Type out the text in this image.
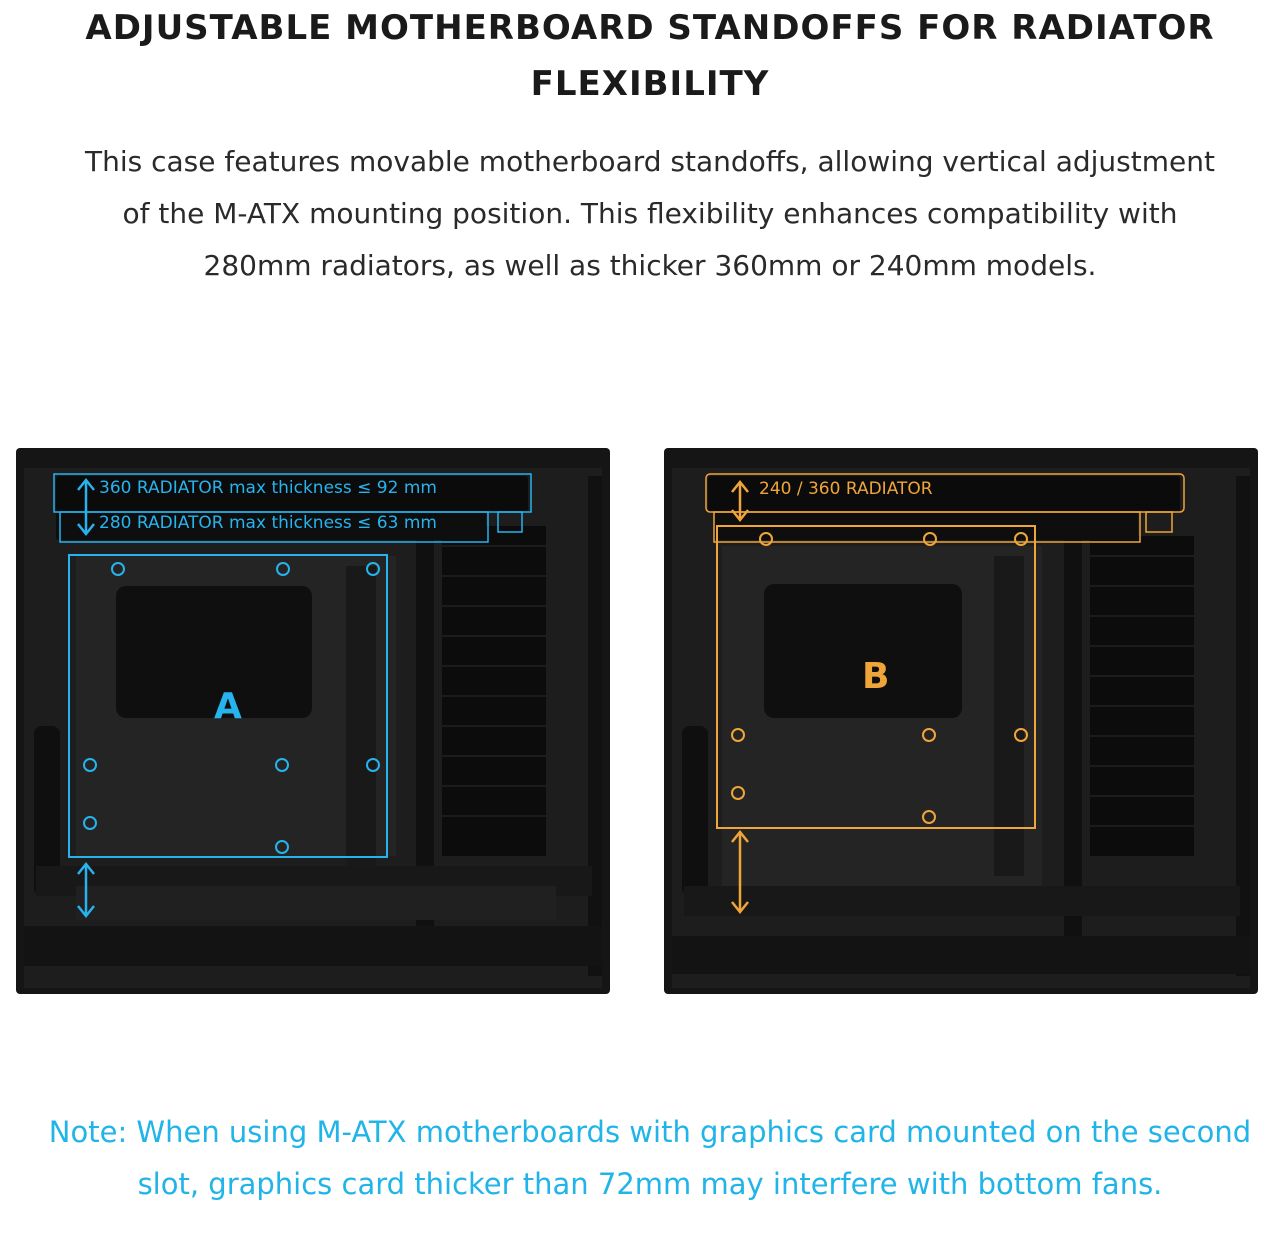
ADJUSTABLE MOTHERBOARD STANDOFFS FOR RADIATOR FLEXIBILITY
This case features movable motherboard standoffs, allowing vertical adjustment of the M-ATX mounting position. This flexibility enhances compatibility with 280mm radiators, as well as thicker 360mm or 240mm models.
360 RADIATOR max thickness ≤ 92 mm
280 RADIATOR max thickness ≤ 63 mm
A
240 / 360 RADIATOR
B
Note: When using M-ATX motherboards with graphics card mounted on the second slot, graphics card thicker than 72mm may interfere with bottom fans.
